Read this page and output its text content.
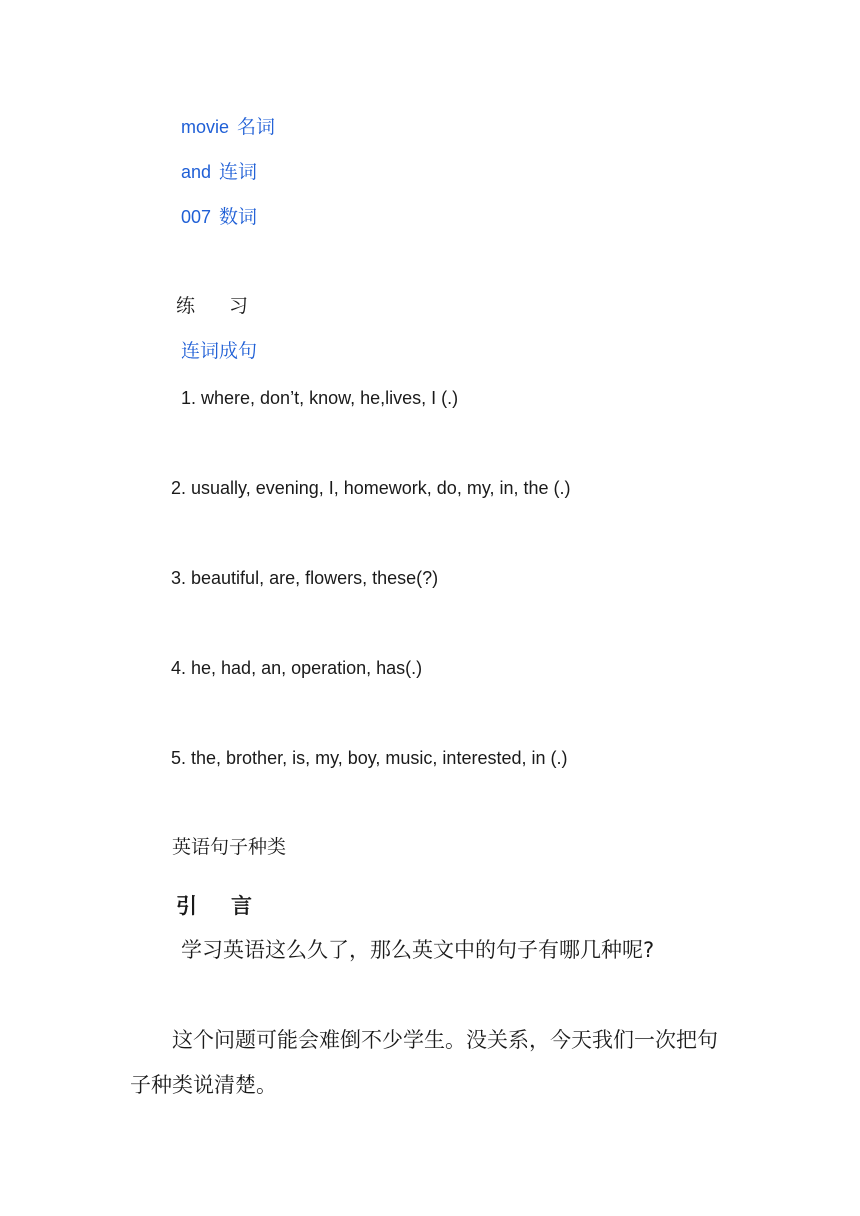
movie 名词
and 连词
007 数词
练 习
连词成句
1. where, don’t, know, he,lives, I (.)
2. usually, evening, I, homework, do, my, in, the (.)
3. beautiful, are, flowers, these(?)
4. he, had, an, operation, has(.)
5. the, brother, is, my, boy, music, interested, in (.)
英语句子种类
引 言
学习英语这么久了，那么英文中的句子有哪几种呢?
这个问题可能会难倒不少学生。没关系，今天我们一次把句
子种类说清楚。
